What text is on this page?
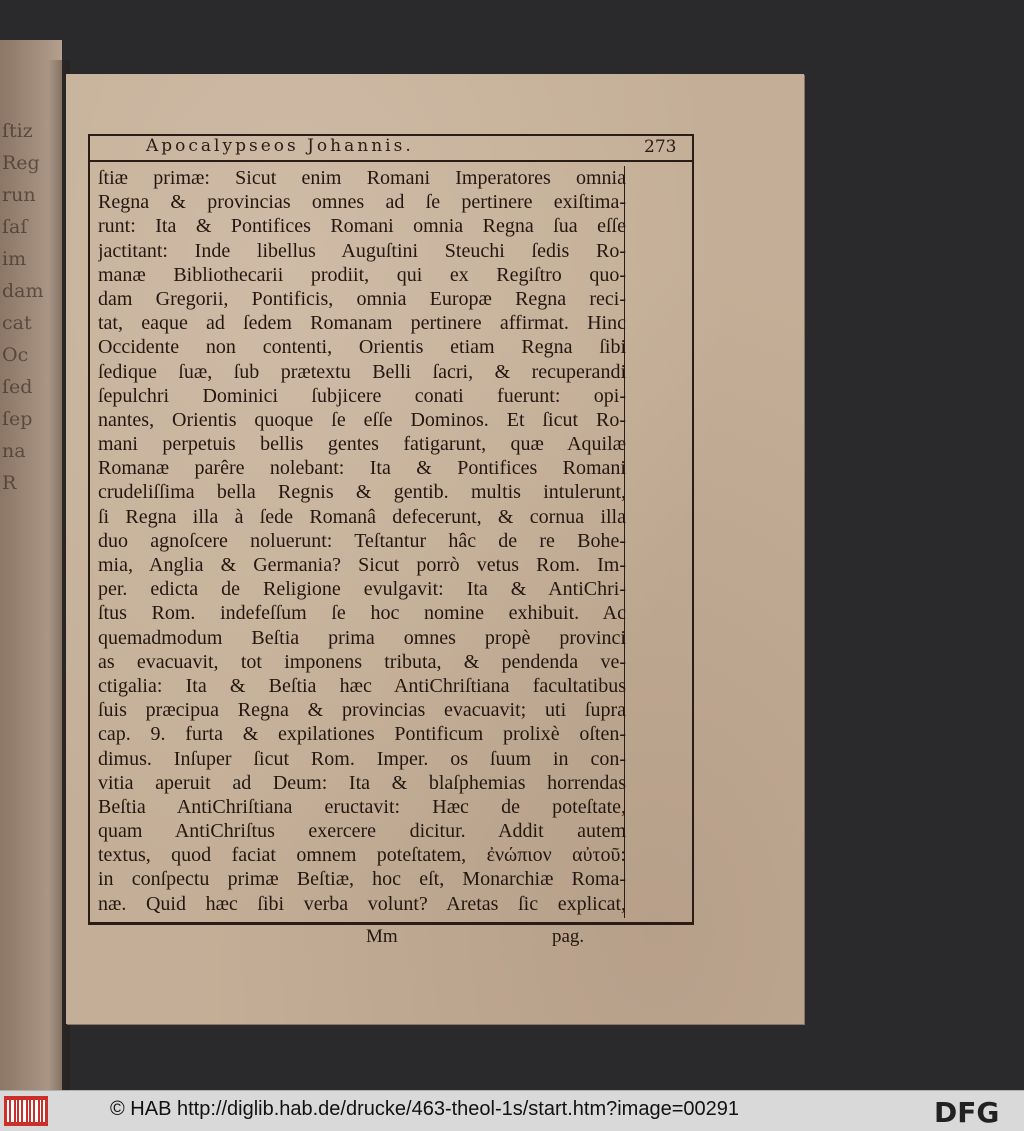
ſtiz
Reg
run
ſaſ
im
dam
cat
Oc
ſed
ſep
na
R
Apocalypseos Johannis.	273
ſtiæ primæ: Sicut enim Romani Imperatores omnia
Regna & provincias omnes ad ſe pertinere exiſtima-
runt: Ita & Pontifices Romani omnia Regna ſua eſſe
jactitant: Inde libellus Auguſtini Steuchi ſedis Ro-
manæ Bibliothecarii prodiit, qui ex Regiſtro quo-
dam Gregorii, Pontificis, omnia Europæ Regna reci-
tat, eaque ad ſedem Romanam pertinere affirmat. Hinc
Occidente non contenti, Orientis etiam Regna ſibi
ſedique ſuæ, ſub prætextu Belli ſacri, & recuperandi
ſepulchri Dominici ſubjicere conati fuerunt: opi-
nantes, Orientis quoque ſe eſſe Dominos. Et ſicut Ro-
mani perpetuis bellis gentes fatigarunt, quæ Aquilæ
Romanæ parêre nolebant: Ita & Pontifices Romani
crudeliſſima bella Regnis & gentib. multis intulerunt,
ſi Regna illa à ſede Romanâ defecerunt, & cornua illa
duo agnoſcere noluerunt: Teſtantur hâc de re Bohe-
mia, Anglia & Germania? Sicut porrò vetus Rom. Im-
per. edicta de Religione evulgavit: Ita & AntiChri-
ſtus Rom. indefeſſum ſe hoc nomine exhibuit. Ac
quemadmodum Beſtia prima omnes propè provinci
as evacuavit, tot imponens tributa, & pendenda ve-
ctigalia: Ita & Beſtia hæc AntiChriſtiana facultatibus
ſuis præcipua Regna & provincias evacuavit; uti ſupra
cap. 9. furta & expilationes Pontificum prolixè oſten-
dimus. Inſuper ſicut Rom. Imper. os ſuum in con-
vitia aperuit ad Deum: Ita & blaſphemias horrendas
Beſtia AntiChriſtiana eructavit: Hæc de poteſtate,
quam AntiChriſtus exercere dicitur. Addit autem
textus, quod faciat omnem poteſtatem, ἐνώπιον αὐτοῦ:
in conſpectu primæ Beſtiæ, hoc eſt, Monarchiæ Roma-
næ. Quid hæc ſibi verba volunt? Aretas ſic explicat,
Mm	pag.
© HAB http://diglib.hab.de/drucke/463-theol-1s/start.htm?image=00291	DFG
